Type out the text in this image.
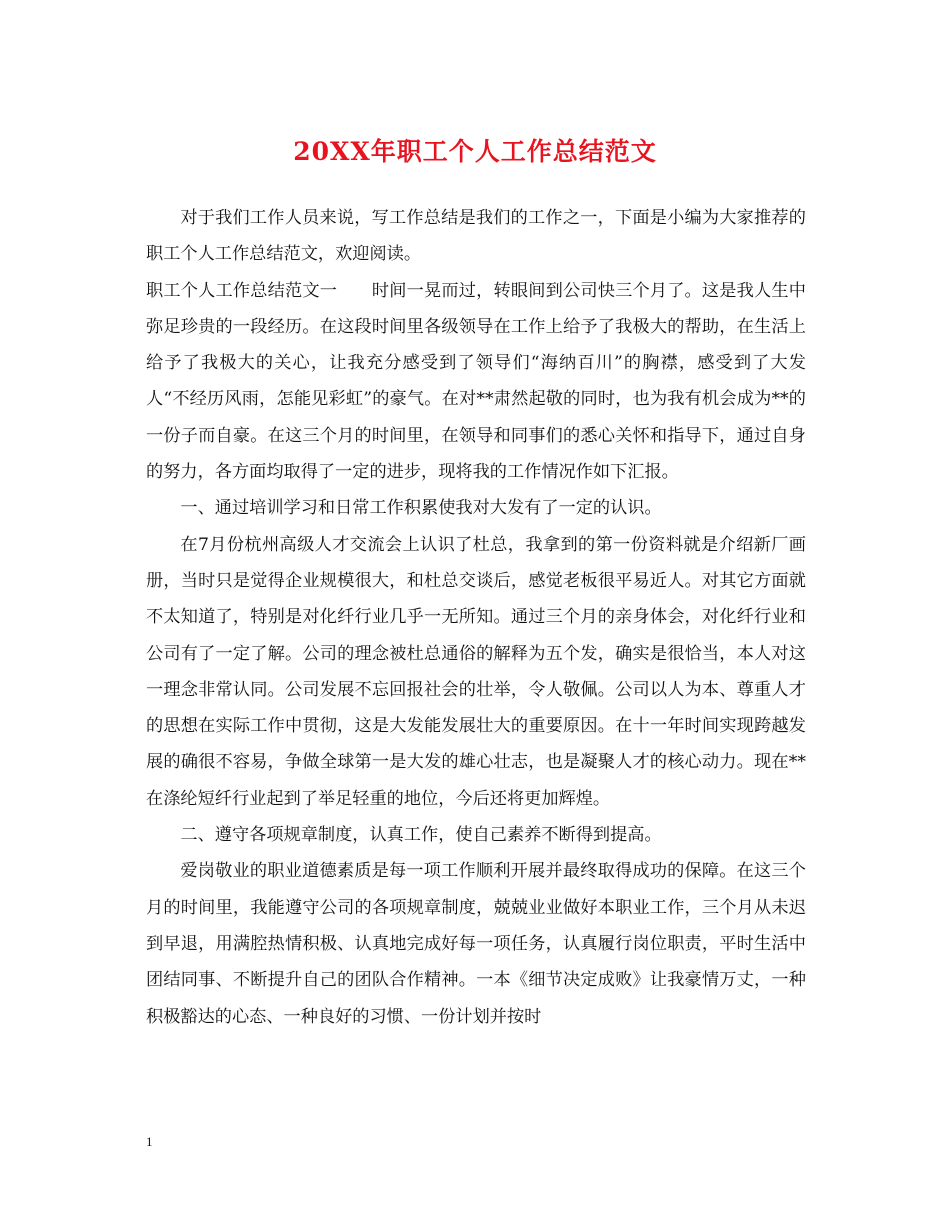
20XX年职工个人工作总结范文

对于我们工作人员来说，写工作总结是我们的工作之一，下面是小编为大家推荐的职工个人工作总结范文，欢迎阅读。

职工个人工作总结范文一　　时间一晃而过，转眼间到公司快三个月了。这是我人生中弥足珍贵的一段经历。在这段时间里各级领导在工作上给予了我极大的帮助，在生活上给予了我极大的关心，让我充分感受到了领导们“海纳百川”的胸襟，感受到了大发人“不经历风雨，怎能见彩虹”的豪气。在对**肃然起敬的同时，也为我有机会成为**的一份子而自豪。在这三个月的时间里，在领导和同事们的悉心关怀和指导下，通过自身的努力，各方面均取得了一定的进步，现将我的工作情况作如下汇报。

一、通过培训学习和日常工作积累使我对大发有了一定的认识。

在7月份杭州高级人才交流会上认识了杜总，我拿到的第一份资料就是介绍新厂画册，当时只是觉得企业规模很大，和杜总交谈后，感觉老板很平易近人。对其它方面就不太知道了，特别是对化纤行业几乎一无所知。通过三个月的亲身体会，对化纤行业和公司有了一定了解。公司的理念被杜总通俗的解释为五个发，确实是很恰当，本人对这一理念非常认同。公司发展不忘回报社会的壮举，令人敬佩。公司以人为本、尊重人才的思想在实际工作中贯彻，这是大发能发展壮大的重要原因。在十一年时间实现跨越发展的确很不容易，争做全球第一是大发的雄心壮志，也是凝聚人才的核心动力。现在**在涤纶短纤行业起到了举足轻重的地位，今后还将更加辉煌。

二、遵守各项规章制度，认真工作，使自己素养不断得到提高。

爱岗敬业的职业道德素质是每一项工作顺利开展并最终取得成功的保障。在这三个月的时间里，我能遵守公司的各项规章制度，兢兢业业做好本职业工作，三个月从未迟到早退，用满腔热情积极、认真地完成好每一项任务，认真履行岗位职责，平时生活中团结同事、不断提升自己的团队合作精神。一本《细节决定成败》让我豪情万丈，一种积极豁达的心态、一种良好的习惯、一份计划并按时

1
